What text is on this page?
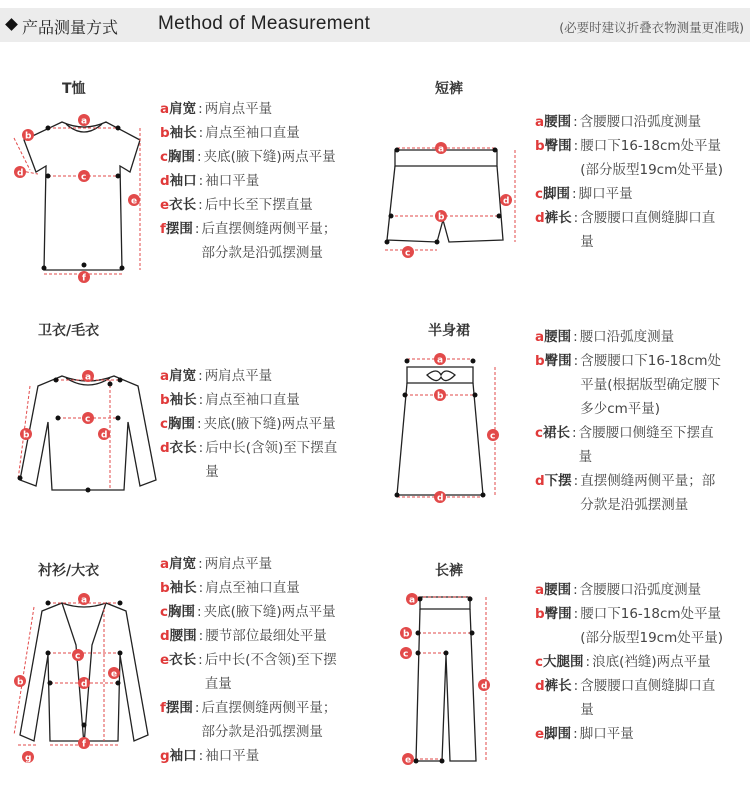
产品测量方式 Method of Measurement	(必要时建议折叠衣物测量更准哦)
T恤
a
b
c
d
e
f
a肩宽 : 两肩点平量
b袖长 : 肩点至袖口直量
c胸围 : 夹底(腋下缝)两点平量
d袖口 : 袖口平量
e衣长 : 后中长至下摆直量
f摆围 : 后直摆侧缝两侧平量；
部分款是沿弧摆测量
短裤
a
b
c
d
a腰围 : 含腰腰口沿弧度测量
b臀围 : 腰口下16-18cm处平量
(部分版型19cm处平量)
c脚围 : 脚口平量
d裤长 : 含腰腰口直侧缝脚口直
量
卫衣/毛衣
a
b
c
d
a肩宽 : 两肩点平量
b袖长 : 肩点至袖口直量
c胸围 : 夹底(腋下缝)两点平量
d衣长 : 后中长(含领)至下摆直
量
半身裙
a
b
c
d
a腰围 : 腰口沿弧度测量
b臀围 : 含腰腰口下16-18cm处
平量(根据版型确定腰下
多少cm平量)
c裙长 : 含腰腰口侧缝至下摆直
量
d下摆 : 直摆侧缝两侧平量；部
分款是沿弧摆测量
衬衫/大衣
a
b
c
d
e
f
g
a肩宽 : 两肩点平量
b袖长 : 肩点至袖口直量
c胸围 : 夹底(腋下缝)两点平量
d腰围 : 腰节部位最细处平量
e衣长 : 后中长(不含领)至下摆
直量
f摆围 : 后直摆侧缝两侧平量；
部分款是沿弧摆测量
g袖口 : 袖口平量
长裤
a
b
c
d
e
a腰围 : 含腰腰口沿弧度测量
b臀围 : 腰口下16-18cm处平量
(部分版型19cm处平量)
c大腿围 : 浪底(裆缝)两点平量
d裤长 : 含腰腰口直侧缝脚口直
量
e脚围 : 脚口平量
